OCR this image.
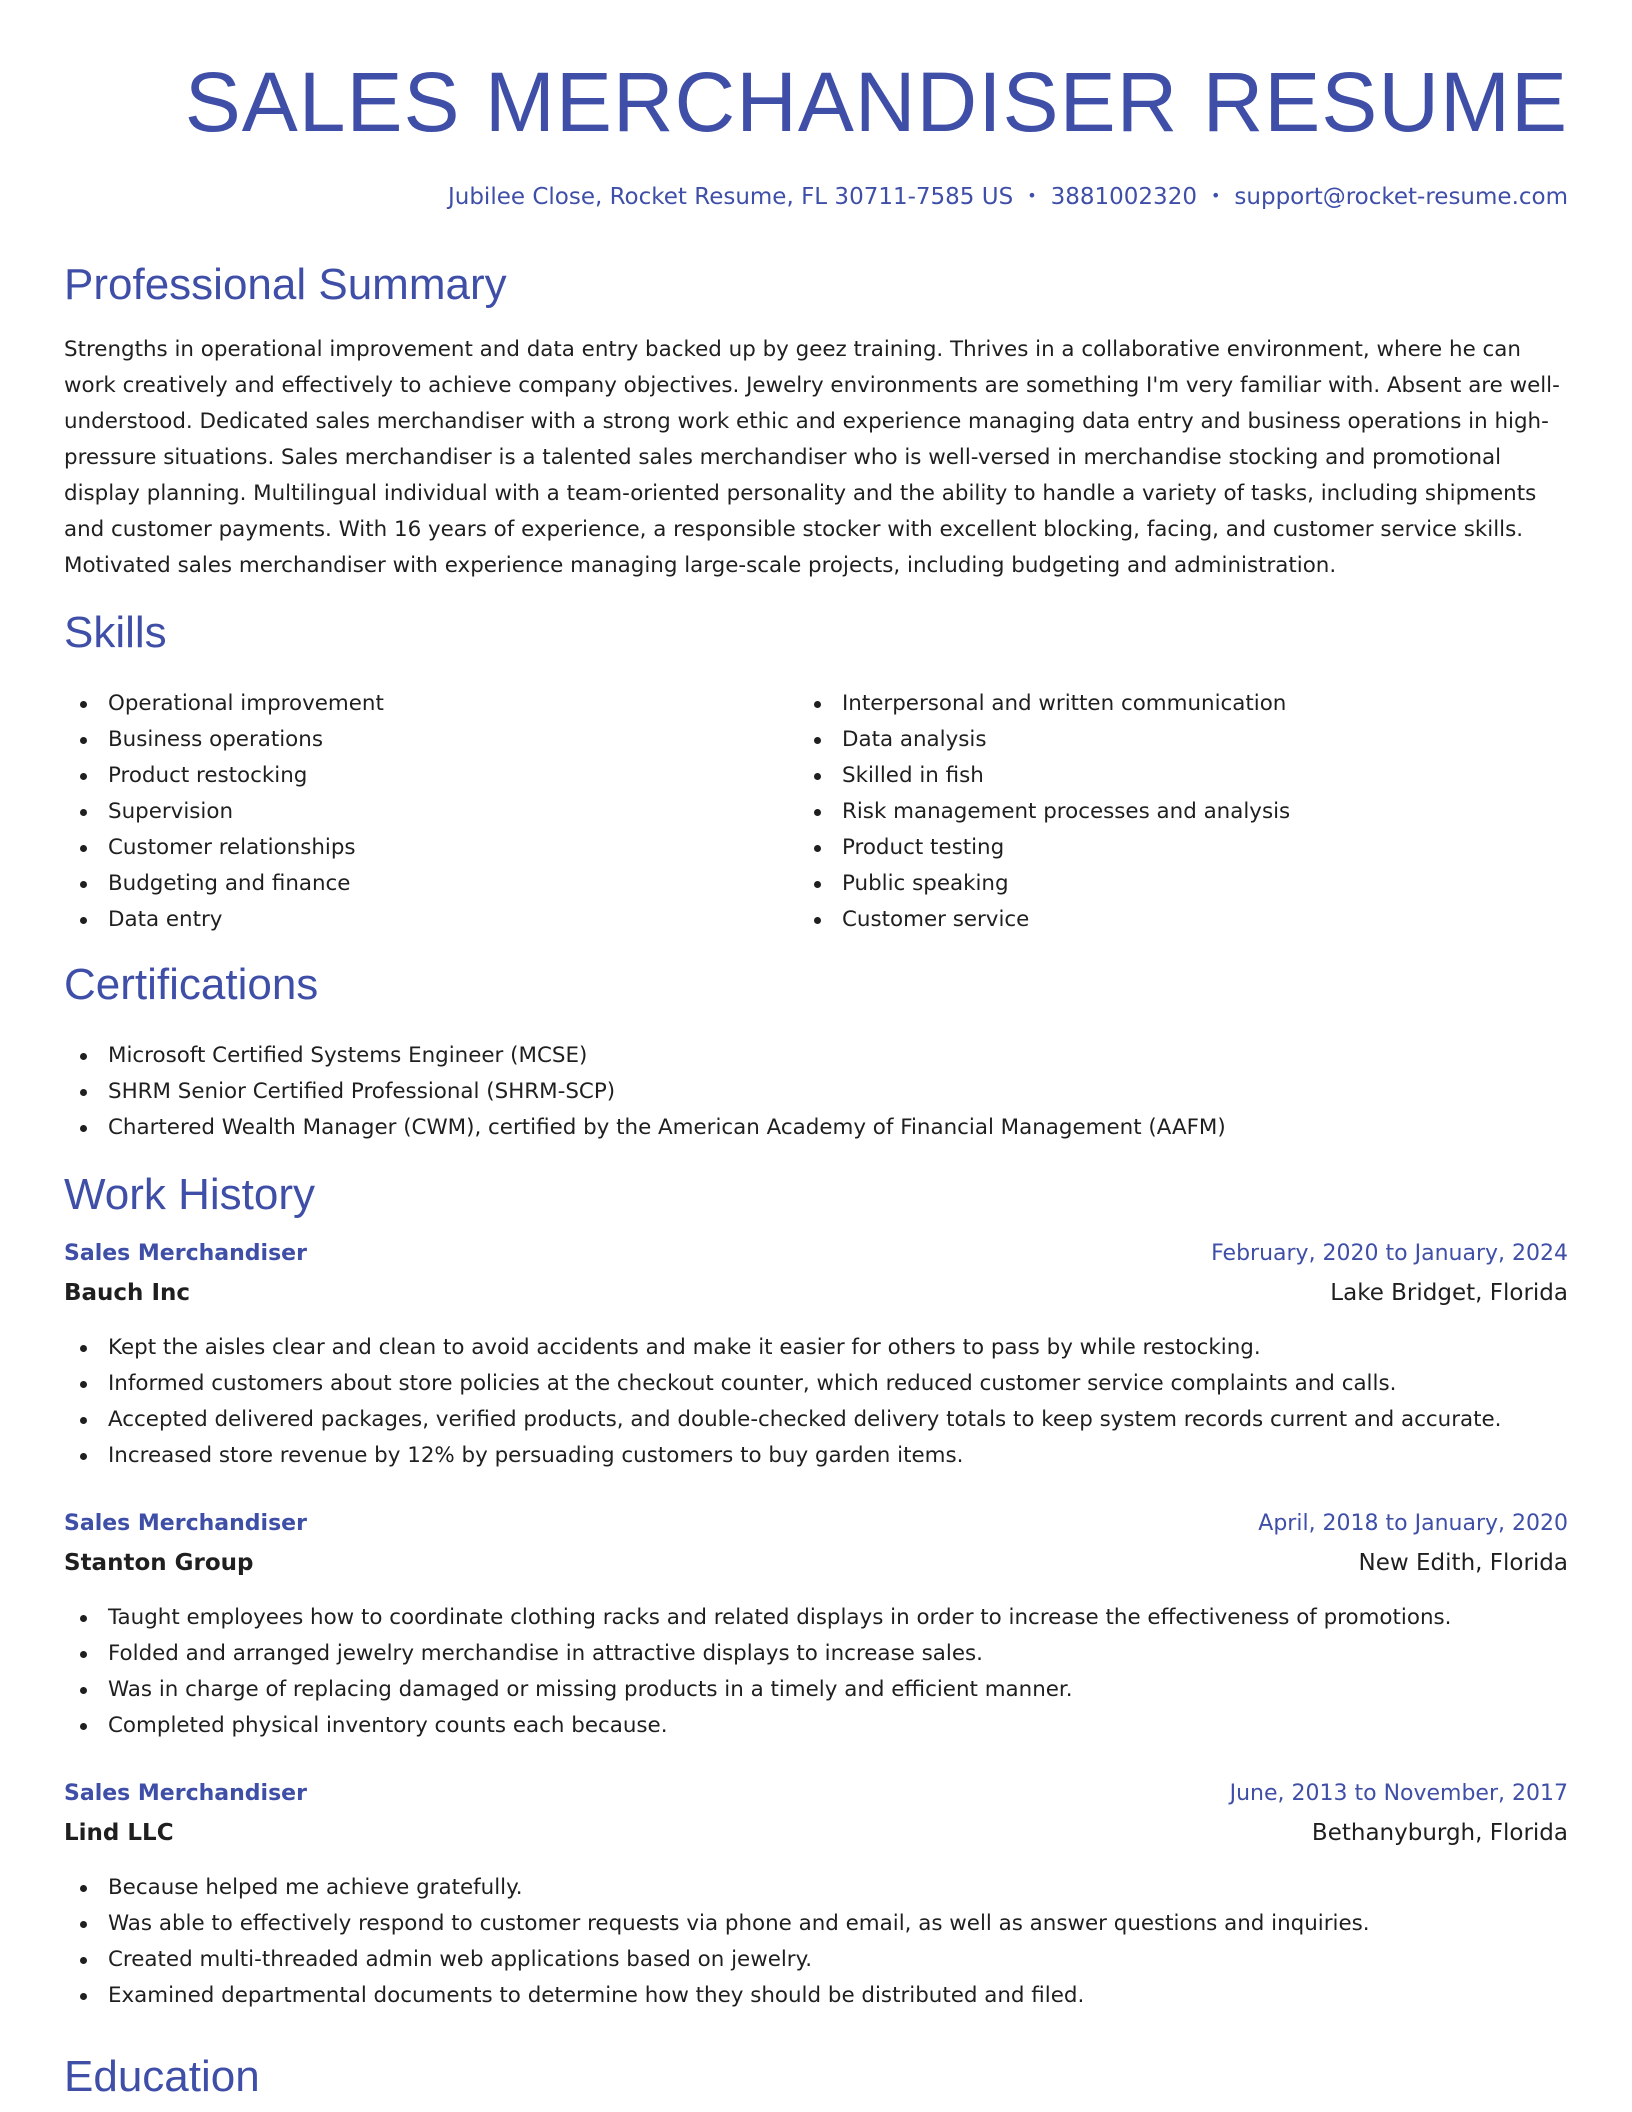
SALES MERCHANDISER RESUME
Jubilee Close, Rocket Resume, FL 30711-7585 US • 3881002320 • support@rocket-resume.com
Professional Summary

Strengths in operational improvement and data entry backed up by geez training. Thrives in a collaborative environment, where he can work creatively and effectively to achieve company objectives. Jewelry environments are something I'm very familiar with. Absent are well-understood. Dedicated sales merchandiser with a strong work ethic and experience managing data entry and business operations in high-pressure situations. Sales merchandiser is a talented sales merchandiser who is well-versed in merchandise stocking and promotional display planning. Multilingual individual with a team-oriented personality and the ability to handle a variety of tasks, including shipments and customer payments. With 16 years of experience, a responsible stocker with excellent blocking, facing, and customer service skills. Motivated sales merchandiser with experience managing large-scale projects, including budgeting and administration.

Skills
Operational improvement
Business operations
Product restocking
Supervision
Customer relationships
Budgeting and finance
Data entry
Interpersonal and written communication
Data analysis
Skilled in fish
Risk management processes and analysis
Product testing
Public speaking
Customer service
Certifications
Microsoft Certified Systems Engineer (MCSE)
SHRM Senior Certified Professional (SHRM-SCP)
Chartered Wealth Manager (CWM), certified by the American Academy of Financial Management (AAFM)
Work History
Sales Merchandiser	February, 2020 to January, 2024
Bauch Inc	Lake Bridget, Florida
Kept the aisles clear and clean to avoid accidents and make it easier for others to pass by while restocking.
Informed customers about store policies at the checkout counter, which reduced customer service complaints and calls.
Accepted delivered packages, verified products, and double-checked delivery totals to keep system records current and accurate.
Increased store revenue by 12% by persuading customers to buy garden items.
Sales Merchandiser	April, 2018 to January, 2020
Stanton Group	New Edith, Florida
Taught employees how to coordinate clothing racks and related displays in order to increase the effectiveness of promotions.
Folded and arranged jewelry merchandise in attractive displays to increase sales.
Was in charge of replacing damaged or missing products in a timely and efficient manner.
Completed physical inventory counts each because.
Sales Merchandiser	June, 2013 to November, 2017
Lind LLC	Bethanyburgh, Florida
Because helped me achieve gratefully.
Was able to effectively respond to customer requests via phone and email, as well as answer questions and inquiries.
Created multi-threaded admin web applications based on jewelry.
Examined departmental documents to determine how they should be distributed and filed.
Education
